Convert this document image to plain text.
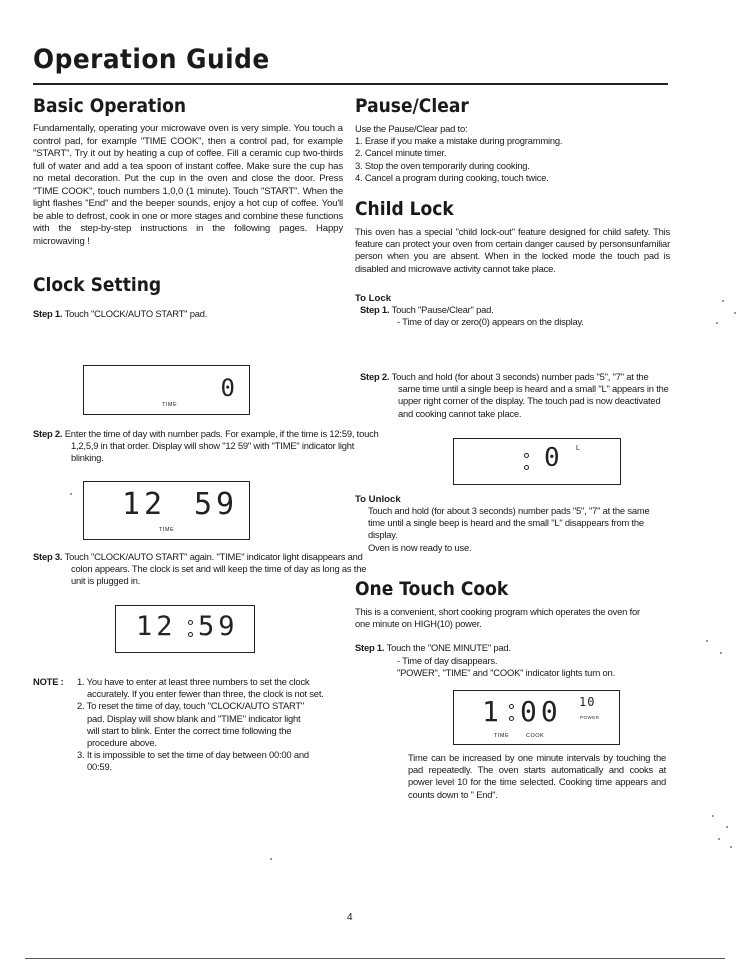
Operation Guide
Basic Operation

Fundamentally, operating your microwave oven is very simple. You touch a control pad, for example "TIME COOK", then a control pad, for example "START". Try it out by heating a cup of coffee. Fill a ceramic cup two-thirds full of water and add a tea spoon of instant coffee. Make sure the cup has no metal decoration. Put the cup in the oven and close the door. Press "TIME COOK", touch numbers 1,0,0 (1 minute). Touch "START". When the light flashes "End" and the beeper sounds, enjoy a hot cup of coffee. You'll be able to defrost, cook in one or more stages and combine these functions with the step-by-step instructions in the following pages. Happy microwaving !

Clock Setting

Step 1. Touch "CLOCK/AUTO START" pad.

0
TIME

Step 2. Enter the time of day with number pads. For example, if the time is 12:59, touch 1,2,5,9 in that order. Display will show "12 59" with "TIME" indicator light blinking.

12 59
TIME

Step 3. Touch "CLOCK/AUTO START" again. "TIME" indicator light disappears and colon appears. The clock is set and will keep the time of day as long as the unit is plugged in.

12 59
NOTE : 1. You have to enter at least three numbers to set the clock accurately. If you enter fewer than three, the clock is not set.

2. To reset the time of day, touch "CLOCK/AUTO START" pad. Display will show blank and "TIME" indicator light will start to blink. Enter the correct time following the procedure above.

3. It is impossible to set the time of day between 00:00 and 00:59.

Pause/Clear

Use the Pause/Clear pad to:

1. Erase if you make a mistake during programming.
2. Cancel minute timer.
3. Stop the oven temporarily during cooking.
4. Cancel a program during cooking, touch twice.
Child Lock

This oven has a special "child lock-out" feature designed for child safety. This feature can protect your oven from certain danger caused by personsunfamiliar person when you are absent. When in the locked mode the touch pad is disabled and microwave activity cannot take place.

To Lock

Step 1. Touch "Pause/Clear" pad.

- Time of day or zero(0) appears on the display.

Step 2. Touch and hold (for about 3 seconds) number pads "5", "7" at the same time until a single beep is heard and a small "L" appears in the upper right corner of the display. The touch pad is now deactivated and cooking cannot take place.

0 L

To Unlock

Touch and hold (for about 3 seconds) number pads "5", "7" at the same time until a single beep is heard and the small "L" disappears from the display.

Oven is now ready to use.

One Touch Cook

This is a convenient, short cooking program which operates the oven for one minute on HIGH(10) power.

Step 1. Touch the "ONE MINUTE" pad.

- Time of day disappears.

"POWER", "TIME" and "COOK" indicator lights turn on.

1 00 10
POWER
TIME	COOK

Time can be increased by one minute intervals by touching the pad repeatedly. The oven starts automatically and cooks at power level 10 for the time selected. Cooking time appears and counts down to " End".

4
